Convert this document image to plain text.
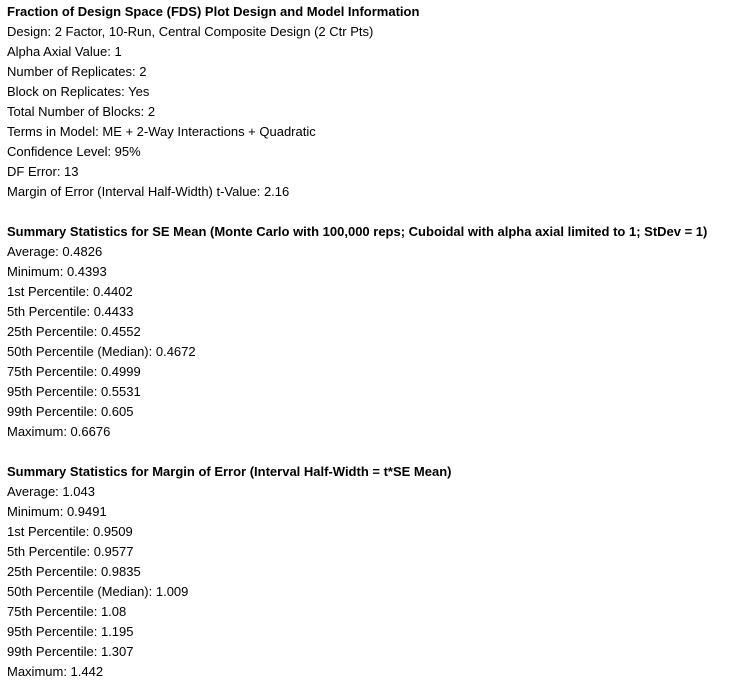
Fraction of Design Space (FDS) Plot Design and Model Information
Design: 2 Factor, 10-Run, Central Composite Design (2 Ctr Pts)
Alpha Axial Value: 1
Number of Replicates: 2
Block on Replicates: Yes
Total Number of Blocks: 2
Terms in Model: ME + 2-Way Interactions + Quadratic
Confidence Level: 95%
DF Error: 13
Margin of Error (Interval Half-Width) t-Value: 2.16
Summary Statistics for SE Mean (Monte Carlo with 100,000 reps; Cuboidal with alpha axial limited to 1; StDev = 1)
Average: 0.4826
Minimum: 0.4393
1st Percentile: 0.4402
5th Percentile: 0.4433
25th Percentile: 0.4552
50th Percentile (Median): 0.4672
75th Percentile: 0.4999
95th Percentile: 0.5531
99th Percentile: 0.605
Maximum: 0.6676
Summary Statistics for Margin of Error (Interval Half-Width = t*SE Mean)
Average: 1.043
Minimum: 0.9491
1st Percentile: 0.9509
5th Percentile: 0.9577
25th Percentile: 0.9835
50th Percentile (Median): 1.009
75th Percentile: 1.08
95th Percentile: 1.195
99th Percentile: 1.307
Maximum: 1.442
